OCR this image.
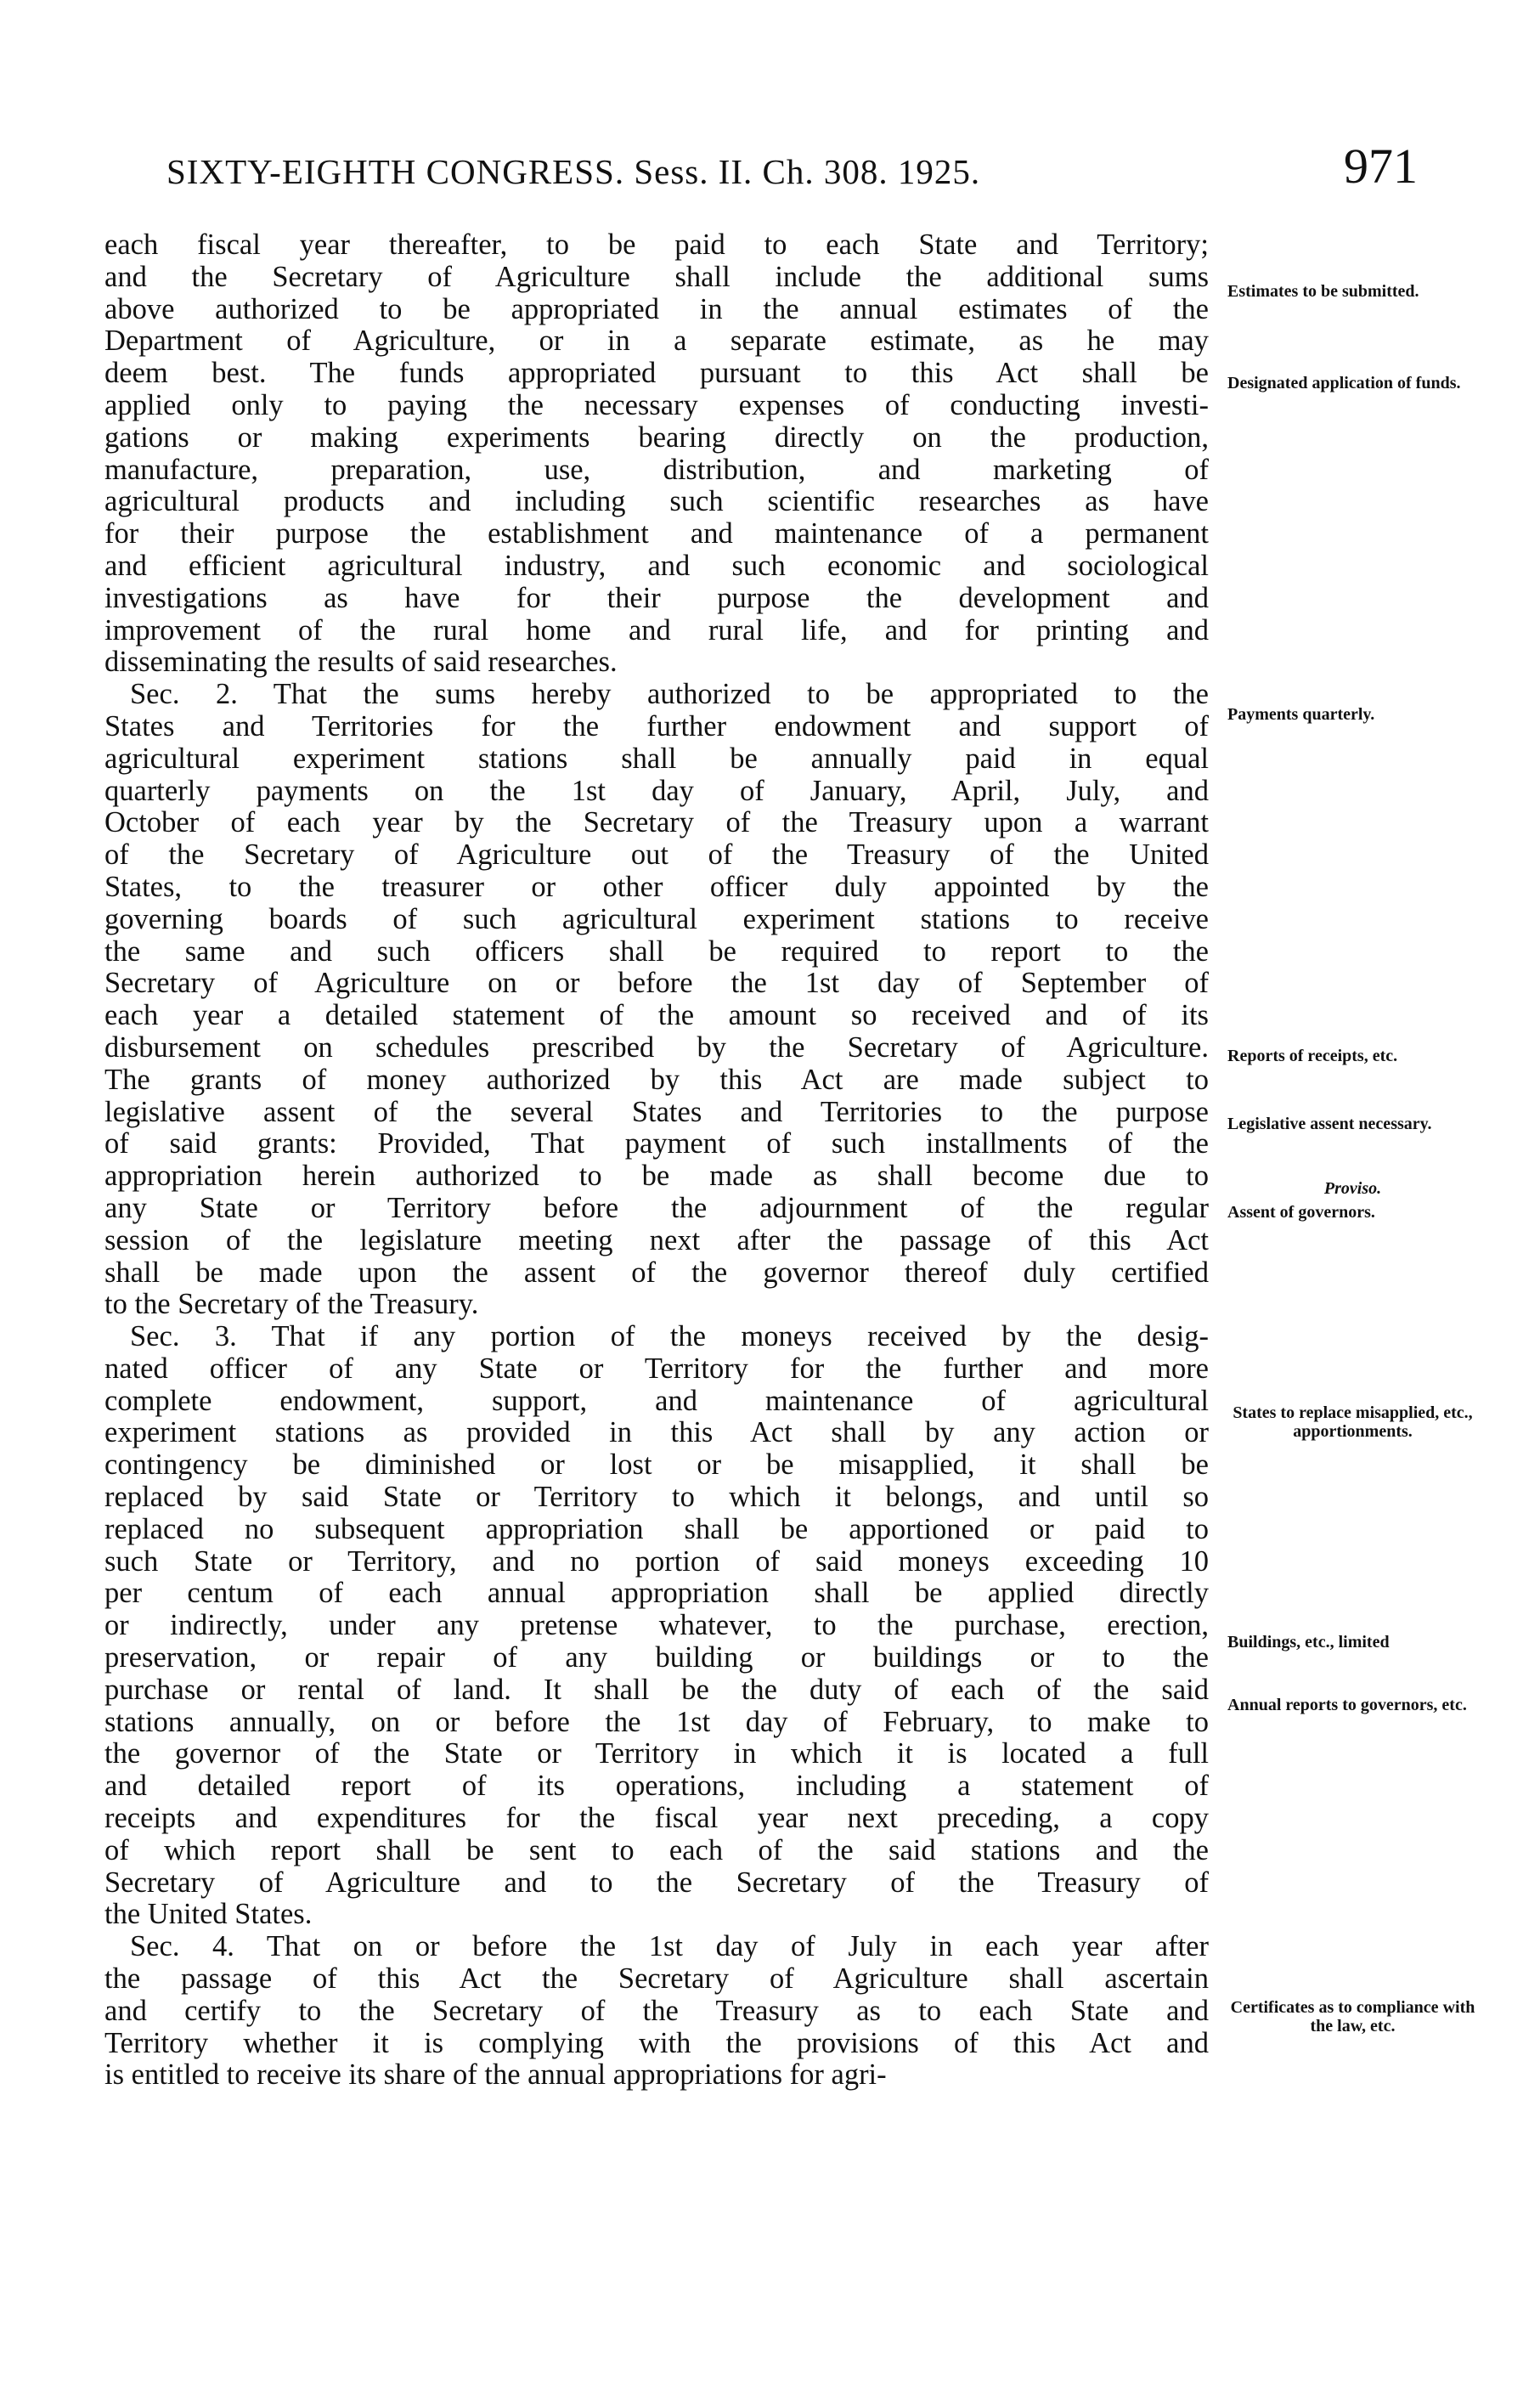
SIXTY-EIGHTH CONGRESS. Sess. II. Ch. 308. 1925.	971
each fiscal year thereafter, to be paid to each State and Territory;
and the Secretary of Agriculture shall include the additional sums
above authorized to be appropriated in the annual estimates of the
Department of Agriculture, or in a separate estimate, as he may
deem best. The funds appropriated pursuant to this Act shall be
applied only to paying the necessary expenses of conducting investi-
gations or making experiments bearing directly on the production,
manufacture, preparation, use, distribution, and marketing of
agricultural products and including such scientific researches as have
for their purpose the establishment and maintenance of a permanent
and efficient agricultural industry, and such economic and sociological
investigations as have for their purpose the development and
improvement of the rural home and rural life, and for printing and
disseminating the results of said researches.
Sec. 2. That the sums hereby authorized to be appropriated to the
States and Territories for the further endowment and support of
agricultural experiment stations shall be annually paid in equal
quarterly payments on the 1st day of January, April, July, and
October of each year by the Secretary of the Treasury upon a warrant
of the Secretary of Agriculture out of the Treasury of the United
States, to the treasurer or other officer duly appointed by the
governing boards of such agricultural experiment stations to receive
the same and such officers shall be required to report to the
Secretary of Agriculture on or before the 1st day of September of
each year a detailed statement of the amount so received and of its
disbursement on schedules prescribed by the Secretary of Agriculture.
The grants of money authorized by this Act are made subject to
legislative assent of the several States and Territories to the purpose
of said grants: Provided, That payment of such installments of the
appropriation herein authorized to be made as shall become due to
any State or Territory before the adjournment of the regular
session of the legislature meeting next after the passage of this Act
shall be made upon the assent of the governor thereof duly certified
to the Secretary of the Treasury.
Sec. 3. That if any portion of the moneys received by the desig-
nated officer of any State or Territory for the further and more
complete endowment, support, and maintenance of agricultural
experiment stations as provided in this Act shall by any action or
contingency be diminished or lost or be misapplied, it shall be
replaced by said State or Territory to which it belongs, and until so
replaced no subsequent appropriation shall be apportioned or paid to
such State or Territory, and no portion of said moneys exceeding 10
per centum of each annual appropriation shall be applied directly
or indirectly, under any pretense whatever, to the purchase, erection,
preservation, or repair of any building or buildings or to the
purchase or rental of land. It shall be the duty of each of the said
stations annually, on or before the 1st day of February, to make to
the governor of the State or Territory in which it is located a full
and detailed report of its operations, including a statement of
receipts and expenditures for the fiscal year next preceding, a copy
of which report shall be sent to each of the said stations and the
Secretary of Agriculture and to the Secretary of the Treasury of
the United States.
Sec. 4. That on or before the 1st day of July in each year after
the passage of this Act the Secretary of Agriculture shall ascertain
and certify to the Secretary of the Treasury as to each State and
Territory whether it is complying with the provisions of this Act and
is entitled to receive its share of the annual appropriations for agri-
Estimates to be submitted.
Designated application of funds.
Payments quarterly.
Reports of receipts, etc.
Legislative assent necessary.
Proviso.
Assent of governors.
States to replace misapplied, etc., apportionments.
Buildings, etc., limited
Annual reports to governors, etc.
Certificates as to compliance with the law, etc.
